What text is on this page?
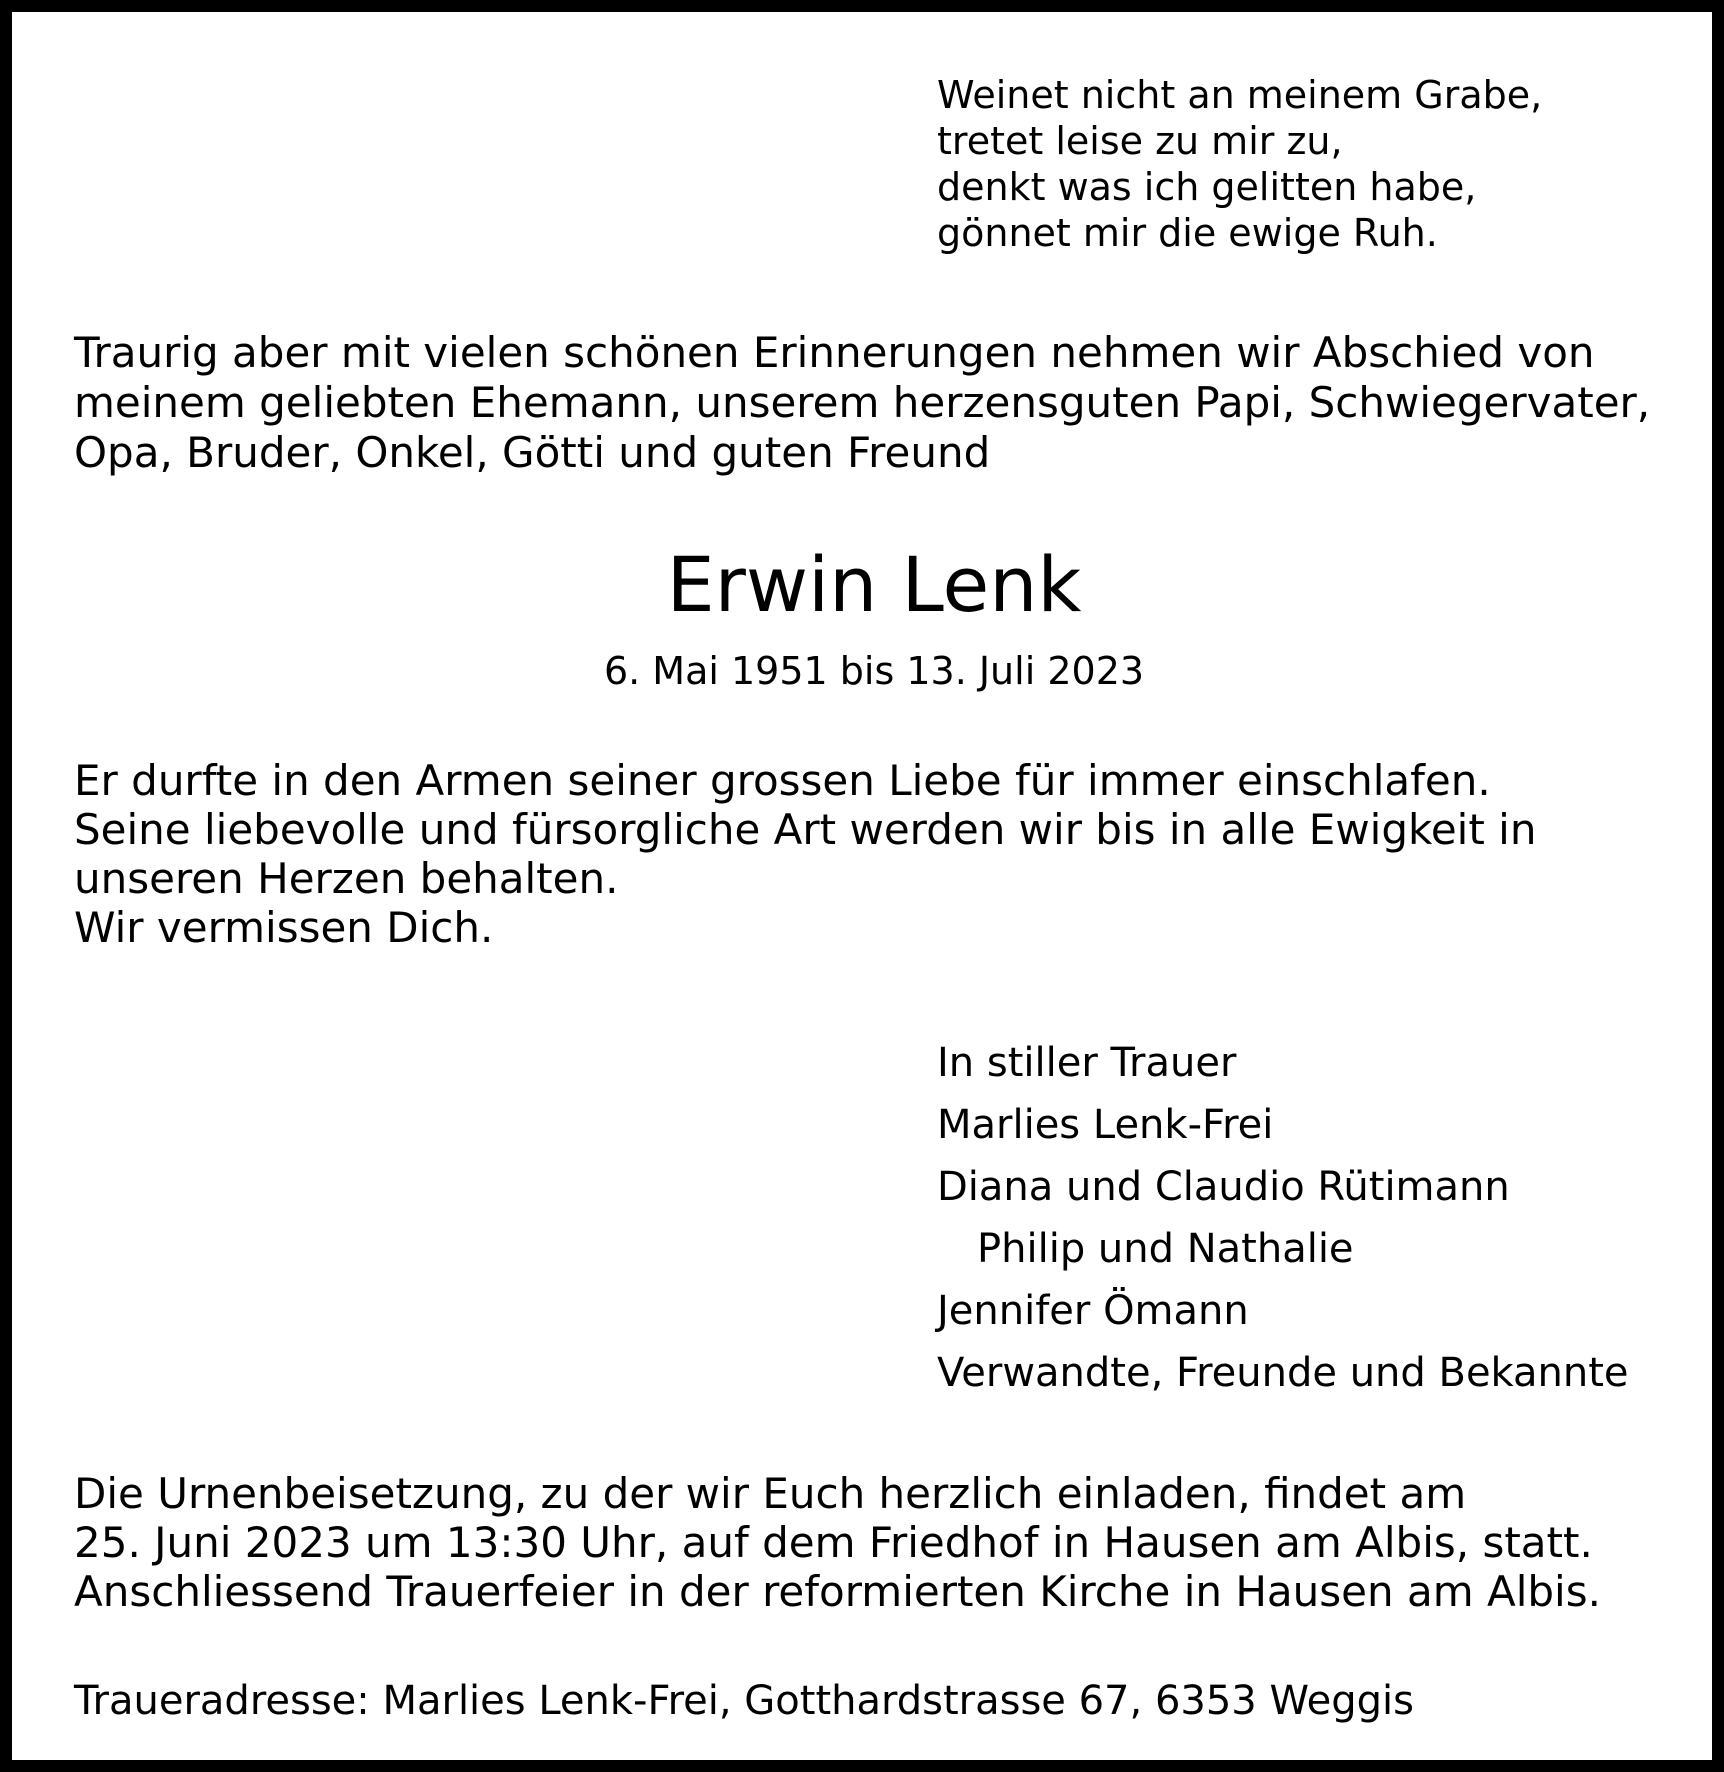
Weinet nicht an meinem Grabe,
tretet leise zu mir zu,
denkt was ich gelitten habe,
gönnet mir die ewige Ruh.
Traurig aber mit vielen schönen Erinnerungen nehmen wir Abschied von
meinem geliebten Ehemann, unserem herzensguten Papi, Schwiegervater,
Opa, Bruder, Onkel, Götti und guten Freund
Erwin Lenk
6. Mai 1951 bis 13. Juli 2023
Er durfte in den Armen seiner grossen Liebe für immer einschlafen.
Seine liebevolle und fürsorgliche Art werden wir bis in alle Ewigkeit in
unseren Herzen behalten.
Wir vermissen Dich.
In stiller Trauer
Marlies Lenk-Frei
Diana und Claudio Rütimann
Philip und Nathalie
Jennifer Ömann
Verwandte, Freunde und Bekannte
Die Urnenbeisetzung, zu der wir Euch herzlich einladen, findet am
25. Juni 2023 um 13:30 Uhr, auf dem Friedhof in Hausen am Albis, statt.
Anschliessend Trauerfeier in der reformierten Kirche in Hausen am Albis.
Traueradresse: Marlies Lenk-Frei, Gotthardstrasse 67, 6353 Weggis
